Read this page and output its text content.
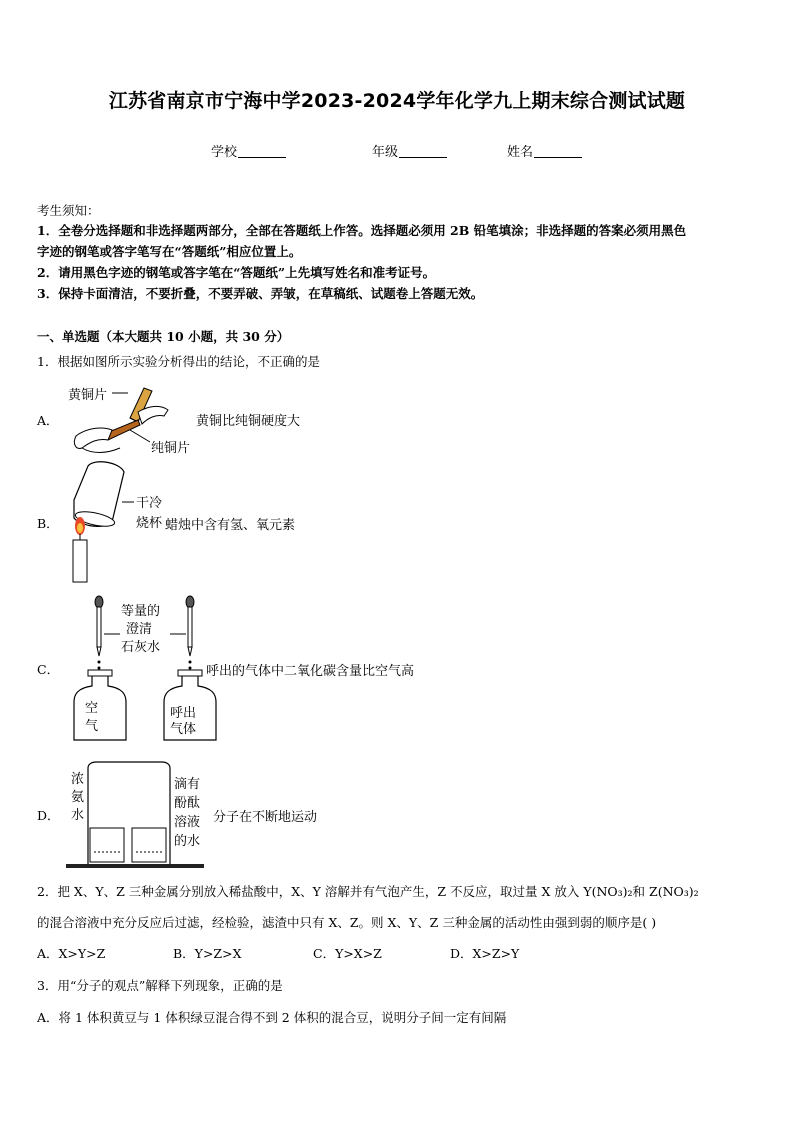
江苏省南京市宁海中学2023-2024学年化学九上期末综合测试试题
学校	年级	姓名
考生须知：
1．全卷分选择题和非选择题两部分，全部在答题纸上作答。选择题必须用 2B 铅笔填涂；非选择题的答案必须用黑色
字迹的钢笔或答字笔写在“答题纸”相应位置上。
2．请用黑色字迹的钢笔或答字笔在“答题纸”上先填写姓名和准考证号。
3．保持卡面清洁，不要折叠，不要弄破、弄皱，在草稿纸、试题卷上答题无效。
一、单选题（本大题共 10 小题，共 30 分）
1．根据如图所示实验分析得出的结论，不正确的是
A．
黄铜片
纯铜片
黄铜比纯铜硬度大
B．
干冷
烧杯 蜡烛中含有氢、氧元素
C．
等量的
澄清
石灰水
空
气
呼出
气体
呼出的气体中二氧化碳含量比空气高
D．
浓
氨
水
滴有
酚酞
溶液
的水
分子在不断地运动
2．把 X、Y、Z 三种金属分别放入稀盐酸中，X、Y 溶解并有气泡产生，Z 不反应，取过量 X 放入 Y(NO₃)₂和 Z(NO₃)₂
的混合溶液中充分反应后过滤，经检验，滤渣中只有 X、Z。则 X、Y、Z 三种金属的活动性由强到弱的顺序是( )
A．X>Y>Z	B．Y>Z>X	C．Y>X>Z	D．X>Z>Y
3．用“分子的观点”解释下列现象，正确的是
A．将 1 体积黄豆与 1 体积绿豆混合得不到 2 体积的混合豆，说明分子间一定有间隔
